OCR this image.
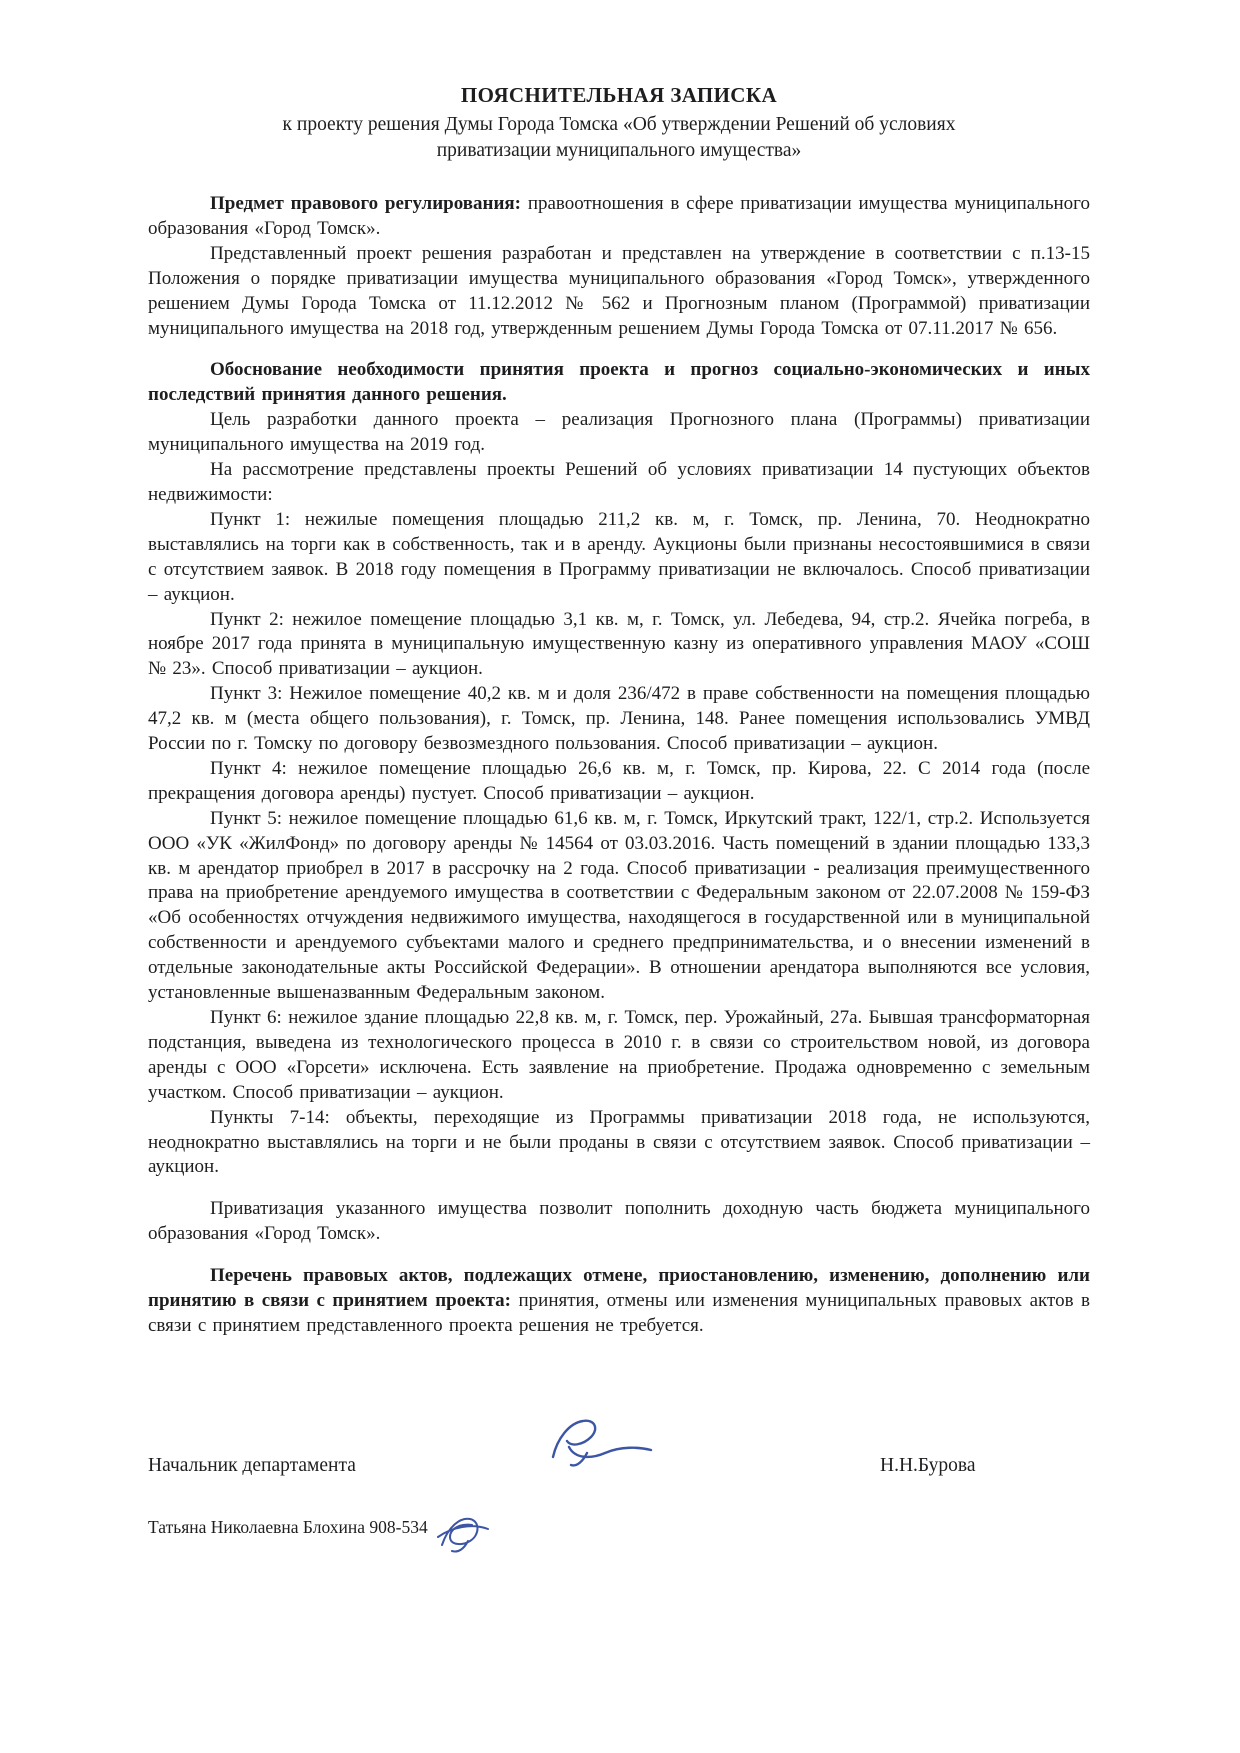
ПОЯСНИТЕЛЬНАЯ ЗАПИСКА
к проекту решения Думы Города Томска «Об утверждении Решений об условиях приватизации муниципального имущества»

Предмет правового регулирования: правоотношения в сфере приватизации имущества муниципального образования «Город Томск».

Представленный проект решения разработан и представлен на утверждение в соответствии с п.13-15 Положения о порядке приватизации имущества муниципального образования «Город Томск», утвержденного решением Думы Города Томска от 11.12.2012 № 562 и Прогнозным планом (Программой) приватизации муниципального имущества на 2018 год, утвержденным решением Думы Города Томска от 07.11.2017 № 656.

Обоснование необходимости принятия проекта и прогноз социально-экономических и иных последствий принятия данного решения.

Цель разработки данного проекта – реализация Прогнозного плана (Программы) приватизации муниципального имущества на 2019 год.

На рассмотрение представлены проекты Решений об условиях приватизации 14 пустующих объектов недвижимости:

Пункт 1: нежилые помещения площадью 211,2 кв. м, г. Томск, пр. Ленина, 70. Неоднократно выставлялись на торги как в собственность, так и в аренду. Аукционы были признаны несостоявшимися в связи с отсутствием заявок. В 2018 году помещения в Программу приватизации не включалось. Способ приватизации – аукцион.

Пункт 2: нежилое помещение площадью 3,1 кв. м, г. Томск, ул. Лебедева, 94, стр.2. Ячейка погреба, в ноябре 2017 года принята в муниципальную имущественную казну из оперативного управления МАОУ «СОШ № 23». Способ приватизации – аукцион.

Пункт 3: Нежилое помещение 40,2 кв. м и доля 236/472 в праве собственности на помещения площадью 47,2 кв. м (места общего пользования), г. Томск, пр. Ленина, 148. Ранее помещения использовались УМВД России по г. Томску по договору безвозмездного пользования. Способ приватизации – аукцион.

Пункт 4: нежилое помещение площадью 26,6 кв. м, г. Томск, пр. Кирова, 22. С 2014 года (после прекращения договора аренды) пустует. Способ приватизации – аукцион.

Пункт 5: нежилое помещение площадью 61,6 кв. м, г. Томск, Иркутский тракт, 122/1, стр.2. Используется ООО «УК «ЖилФонд» по договору аренды № 14564 от 03.03.2016. Часть помещений в здании площадью 133,3 кв. м арендатор приобрел в 2017 в рассрочку на 2 года. Способ приватизации - реализация преимущественного права на приобретение арендуемого имущества в соответствии с Федеральным законом от 22.07.2008 № 159-ФЗ «Об особенностях отчуждения недвижимого имущества, находящегося в государственной или в муниципальной собственности и арендуемого субъектами малого и среднего предпринимательства, и о внесении изменений в отдельные законодательные акты Российской Федерации». В отношении арендатора выполняются все условия, установленные вышеназванным Федеральным законом.

Пункт 6: нежилое здание площадью 22,8 кв. м, г. Томск, пер. Урожайный, 27а. Бывшая трансформаторная подстанция, выведена из технологического процесса в 2010 г. в связи со строительством новой, из договора аренды с ООО «Горсети» исключена. Есть заявление на приобретение. Продажа одновременно с земельным участком. Способ приватизации – аукцион.

Пункты 7-14: объекты, переходящие из Программы приватизации 2018 года, не используются, неоднократно выставлялись на торги и не были проданы в связи с отсутствием заявок. Способ приватизации – аукцион.

Приватизация указанного имущества позволит пополнить доходную часть бюджета муниципального образования «Город Томск».

Перечень правовых актов, подлежащих отмене, приостановлению, изменению, дополнению или принятию в связи с принятием проекта: принятия, отмены или изменения муниципальных правовых актов в связи с принятием представленного проекта решения не требуется.

Начальник департамента	Н.Н.Бурова
Татьяна Николаевна Блохина 908-534
